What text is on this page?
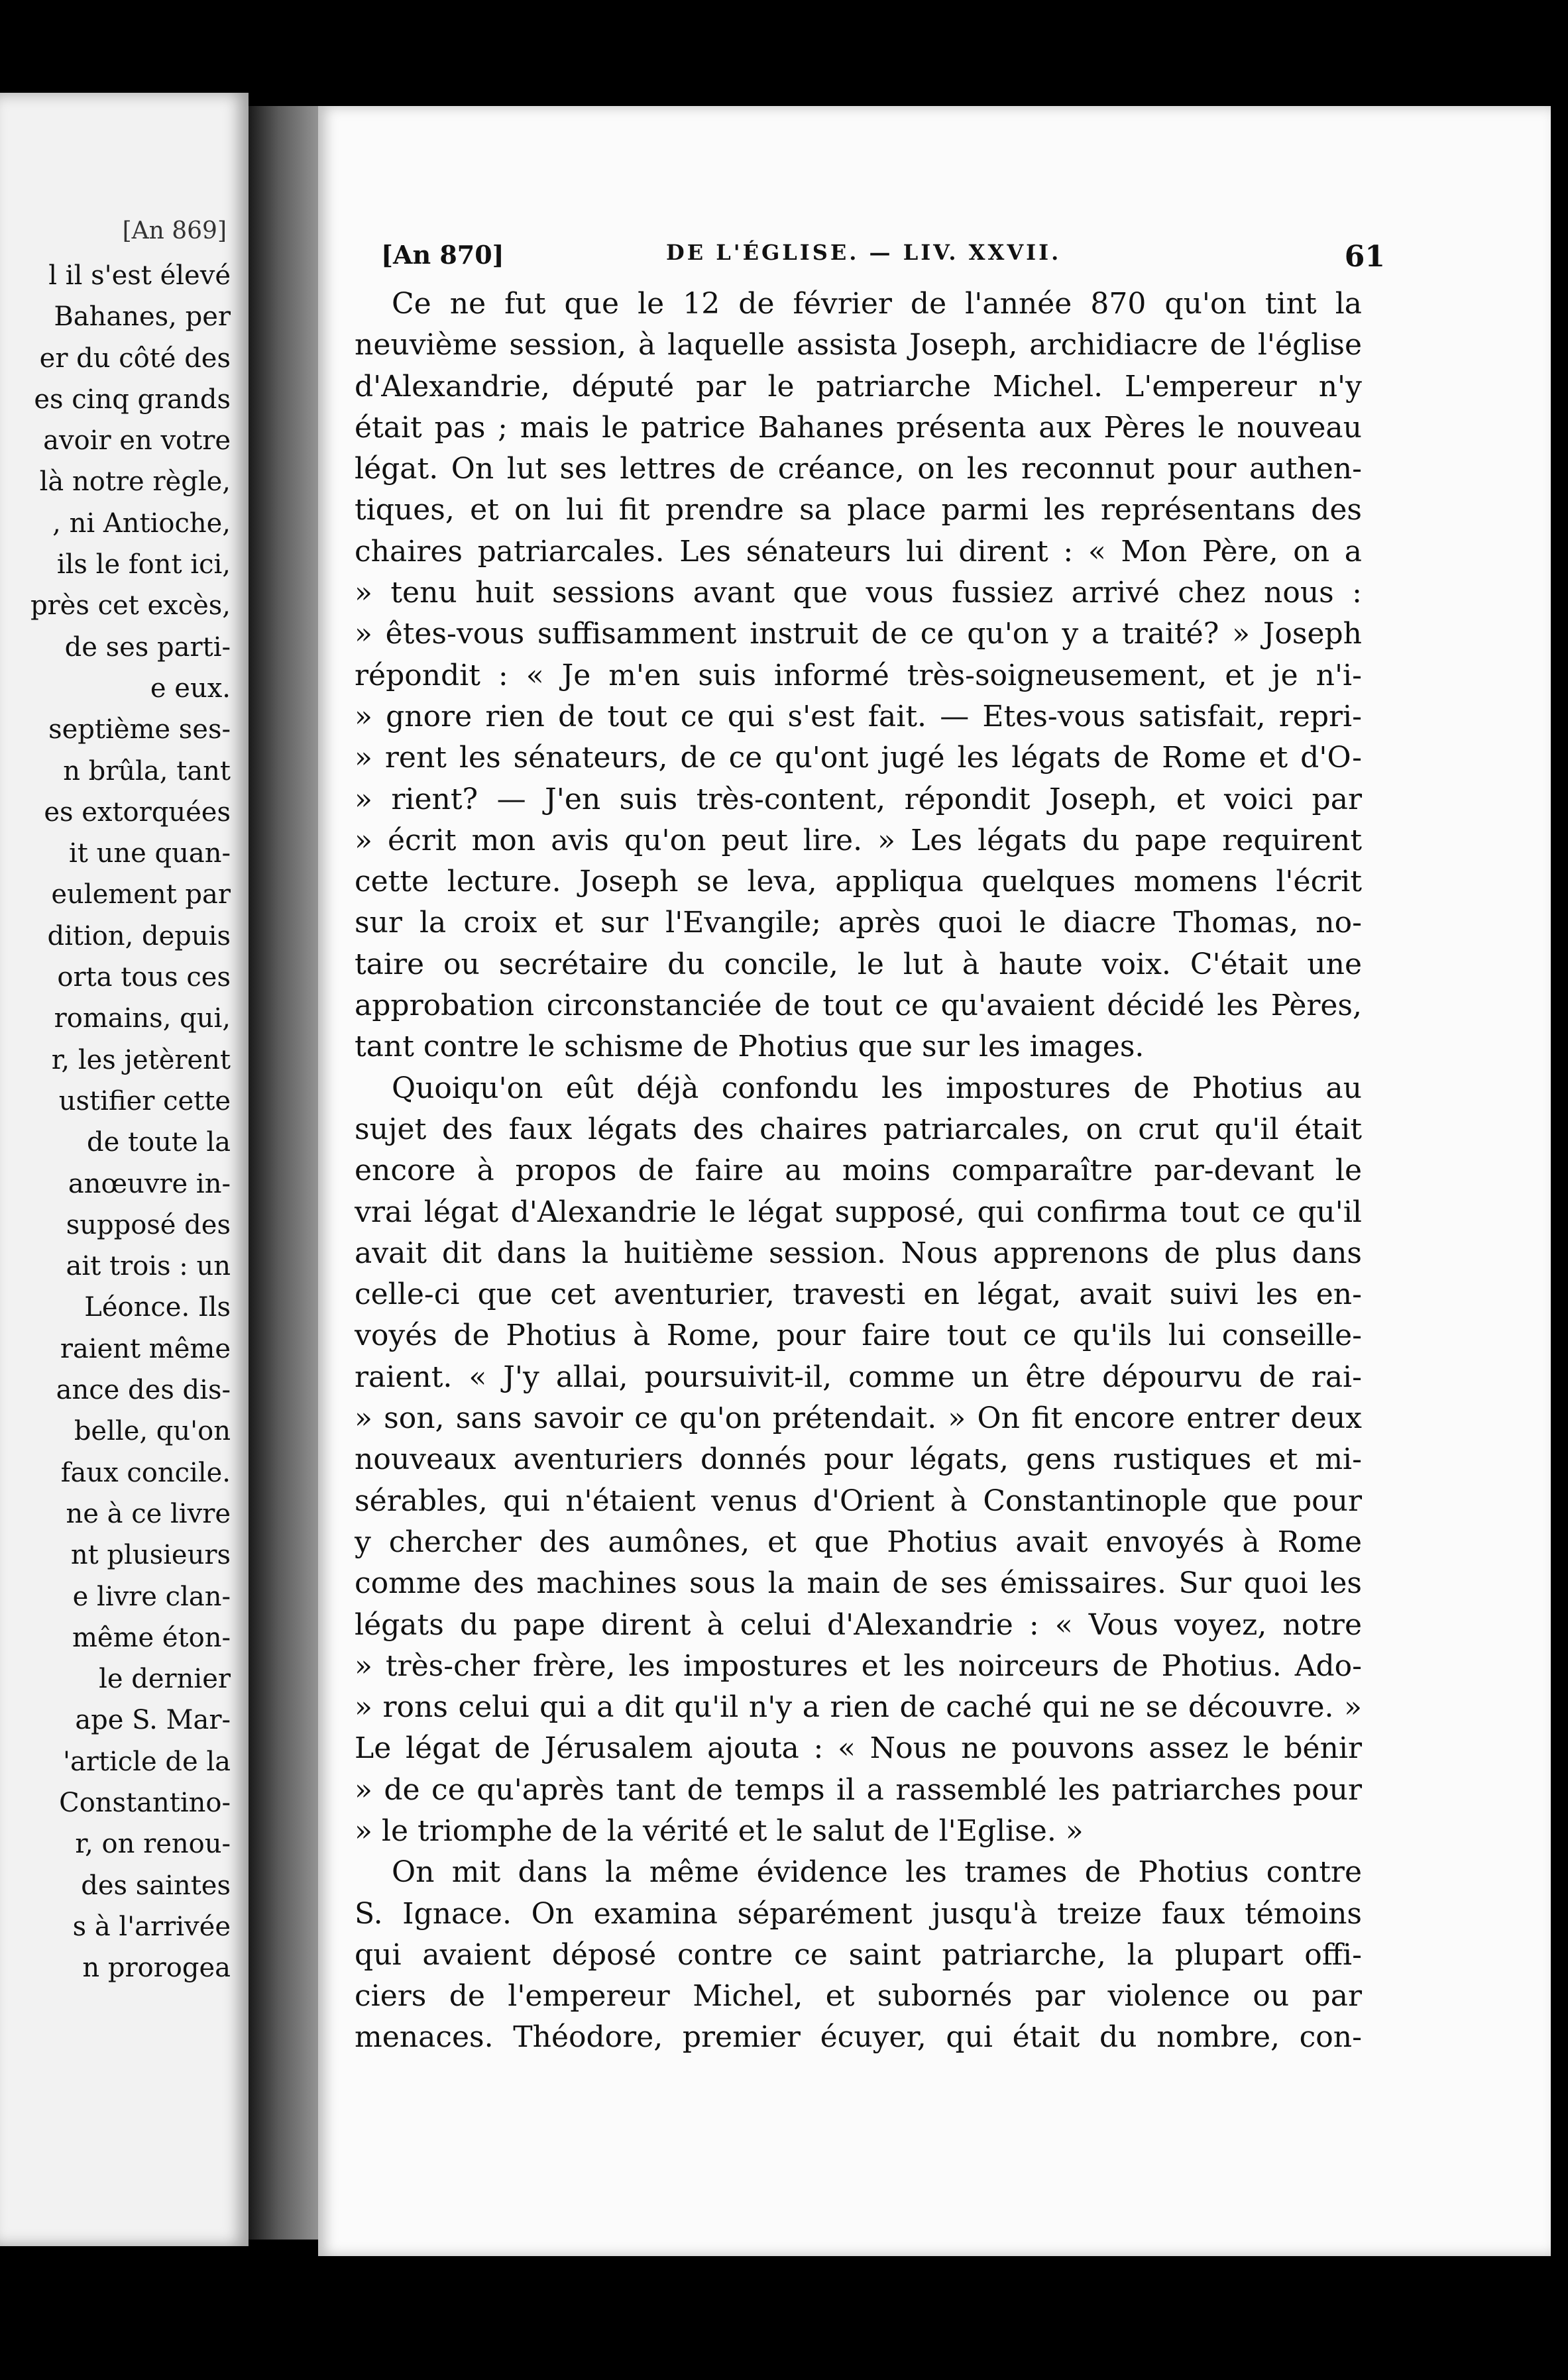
[An 869]
l il s'est élevé
Bahanes, per
er du côté des
es cinq grands
avoir en votre
là notre règle,
, ni Antioche,
ils le font ici,
près cet excès,
de ses parti-
e eux.
septième ses-
n brûla, tant
es extorquées
it une quan-
eulement par
dition, depuis
orta tous ces
romains, qui,
r, les jetèrent
ustifier cette
de toute la
anœuvre in-
supposé des
ait trois : un
Léonce. Ils
raient même
ance des dis-
belle, qu'on
faux concile.
ne à ce livre
nt plusieurs
e livre clan-
même éton-
le dernier
ape S. Mar-
'article de la
Constantino-
r, on renou-
des saintes
s à l'arrivée
n prorogea
[An 870]	DE L'ÉGLISE. — LIV. XXVII.	61
Ce ne fut que le 12 de février de l'année 870 qu'on tint la
neuvième session, à laquelle assista Joseph, archidiacre de l'église
d'Alexandrie, député par le patriarche Michel. L'empereur n'y
était pas ; mais le patrice Bahanes présenta aux Pères le nouveau
légat. On lut ses lettres de créance, on les reconnut pour authen-
tiques, et on lui fit prendre sa place parmi les représentans des
chaires patriarcales. Les sénateurs lui dirent : « Mon Père, on a
» tenu huit sessions avant que vous fussiez arrivé chez nous :
» êtes-vous suffisamment instruit de ce qu'on y a traité? » Joseph
répondit : « Je m'en suis informé très-soigneusement, et je n'i-
» gnore rien de tout ce qui s'est fait. — Etes-vous satisfait, repri-
» rent les sénateurs, de ce qu'ont jugé les légats de Rome et d'O-
» rient? — J'en suis très-content, répondit Joseph, et voici par
» écrit mon avis qu'on peut lire. » Les légats du pape requirent
cette lecture. Joseph se leva, appliqua quelques momens l'écrit
sur la croix et sur l'Evangile; après quoi le diacre Thomas, no-
taire ou secrétaire du concile, le lut à haute voix. C'était une
approbation circonstanciée de tout ce qu'avaient décidé les Pères,
tant contre le schisme de Photius que sur les images.
Quoiqu'on eût déjà confondu les impostures de Photius au
sujet des faux légats des chaires patriarcales, on crut qu'il était
encore à propos de faire au moins comparaître par-devant le
vrai légat d'Alexandrie le légat supposé, qui confirma tout ce qu'il
avait dit dans la huitième session. Nous apprenons de plus dans
celle-ci que cet aventurier, travesti en légat, avait suivi les en-
voyés de Photius à Rome, pour faire tout ce qu'ils lui conseille-
raient. « J'y allai, poursuivit-il, comme un être dépourvu de rai-
» son, sans savoir ce qu'on prétendait. » On fit encore entrer deux
nouveaux aventuriers donnés pour légats, gens rustiques et mi-
sérables, qui n'étaient venus d'Orient à Constantinople que pour
y chercher des aumônes, et que Photius avait envoyés à Rome
comme des machines sous la main de ses émissaires. Sur quoi les
légats du pape dirent à celui d'Alexandrie : « Vous voyez, notre
» très-cher frère, les impostures et les noirceurs de Photius. Ado-
» rons celui qui a dit qu'il n'y a rien de caché qui ne se découvre. »
Le légat de Jérusalem ajouta : « Nous ne pouvons assez le bénir
» de ce qu'après tant de temps il a rassemblé les patriarches pour
» le triomphe de la vérité et le salut de l'Eglise. »
On mit dans la même évidence les trames de Photius contre
S. Ignace. On examina séparément jusqu'à treize faux témoins
qui avaient déposé contre ce saint patriarche, la plupart offi-
ciers de l'empereur Michel, et subornés par violence ou par
menaces. Théodore, premier écuyer, qui était du nombre, con-
